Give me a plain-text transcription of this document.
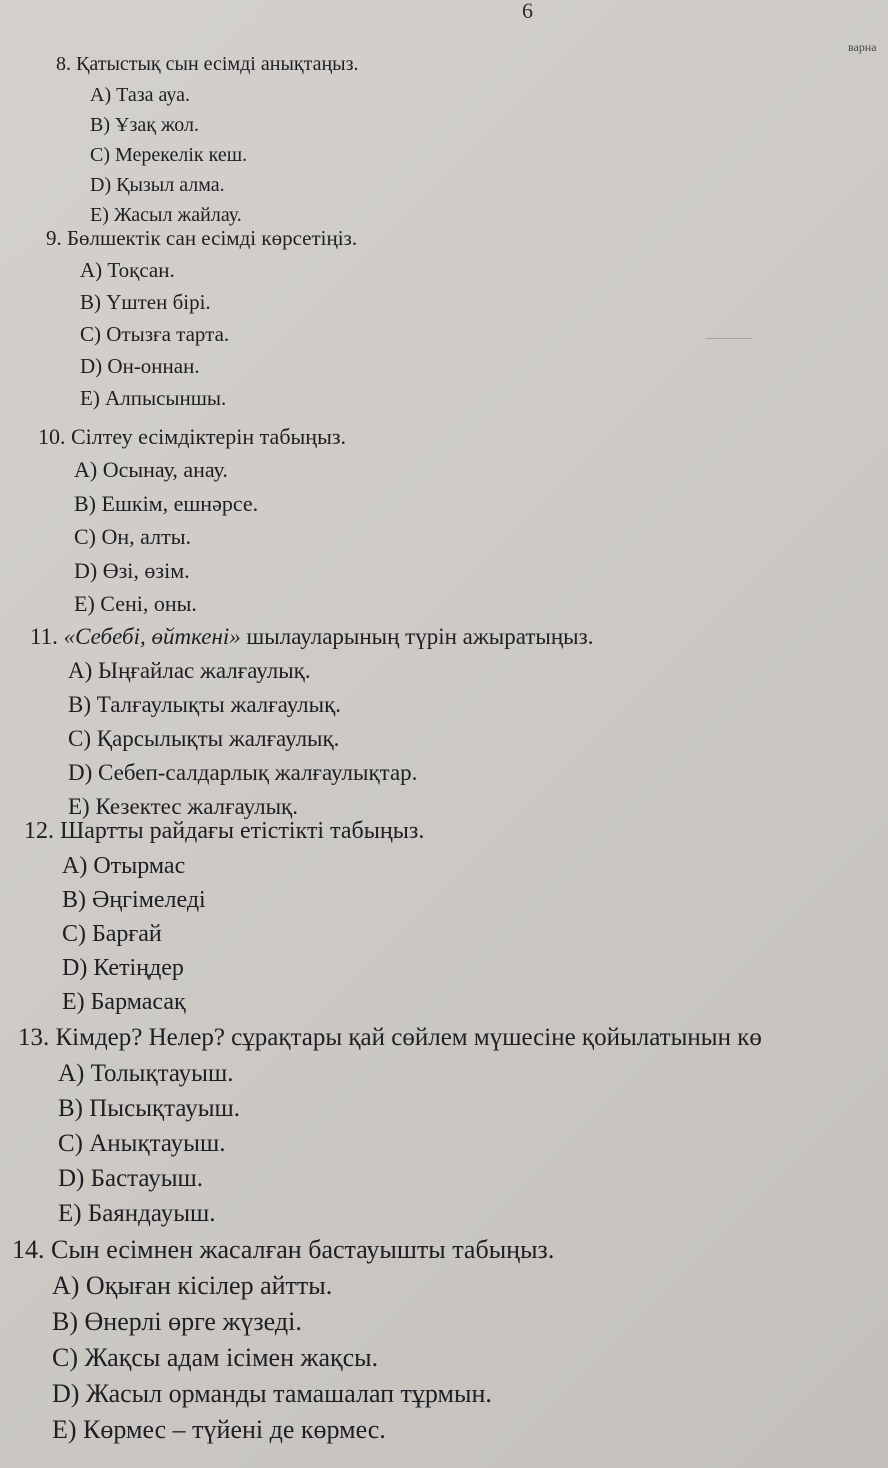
6
варна
8. Қатыстық сын есімді анықтаңыз.
A) Таза ауа.
B) Ұзақ жол.
C) Мерекелік кеш.
D) Қызыл алма.
E) Жасыл жайлау.
9. Бөлшектік сан есімді көрсетіңіз.
A) Тоқсан.
B) Үштен бірі.
C) Отызға тарта.
D) Он-оннан.
E) Алпысыншы.
10. Сілтеу есімдіктерін табыңыз.
A) Осынау, анау.
B) Ешкім, ешнәрсе.
C) Он, алты.
D) Өзі, өзім.
E) Сені, оны.
11. «Себебі, өйткені» шылауларының түрін ажыратыңыз.
A) Ыңғайлас жалғаулық.
B) Талғаулықты жалғаулық.
C) Қарсылықты жалғаулық.
D) Себеп-салдарлық жалғаулықтар.
E) Кезектес жалғаулық.
12. Шартты райдағы етістікті табыңыз.
A) Отырмас
B) Әңгімеледі
C) Барғай
D) Кетіңдер
E) Бармасақ
13. Кімдер? Нелер? сұрақтары қай сөйлем мүшесіне қойылатынын кө
A) Толықтауыш.
B) Пысықтауыш.
C) Анықтауыш.
D) Бастауыш.
E) Баяндауыш.
14. Сын есімнен жасалған бастауышты табыңыз.
A) Оқыған кісілер айтты.
B) Өнерлі өрге жүзеді.
C) Жақсы адам ісімен жақсы.
D) Жасыл орманды тамашалап тұрмын.
E) Көрмес – түйені де көрмес.
